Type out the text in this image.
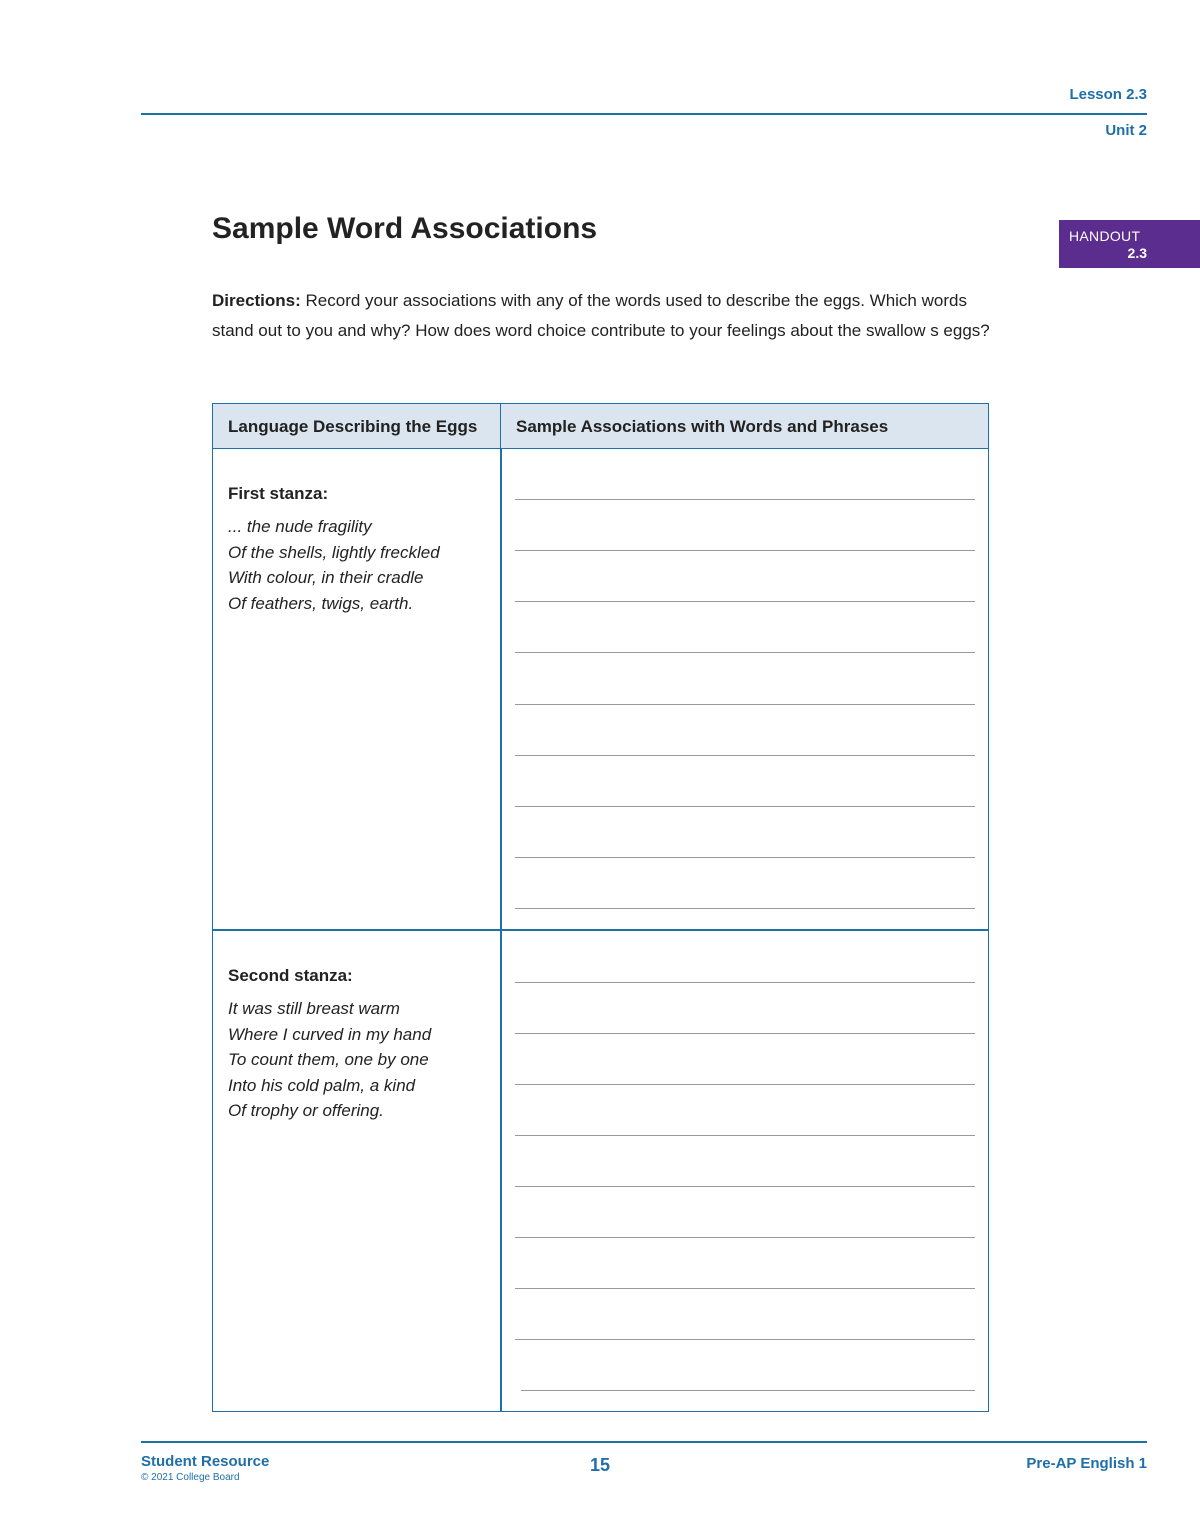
Lesson 2.3
Unit 2
HANDOUT
2.3
Sample Word Associations
Directions: Record your associations with any of the words used to describe the eggs. Which words stand out to you and why? How does word choice contribute to your feelings about the swallow s eggs?
Language Describing the Eggs	Sample Associations with Words and Phrases
First stanza:
... the nude fragility
Of the shells, lightly freckled
With colour, in their cradle
Of feathers, twigs, earth.
Second stanza:
It was still breast warm
Where I curved in my hand
To count them, one by one
Into his cold palm, a kind
Of trophy or offering.
Student Resource
© 2021 College Board
15	Pre-AP English 1
